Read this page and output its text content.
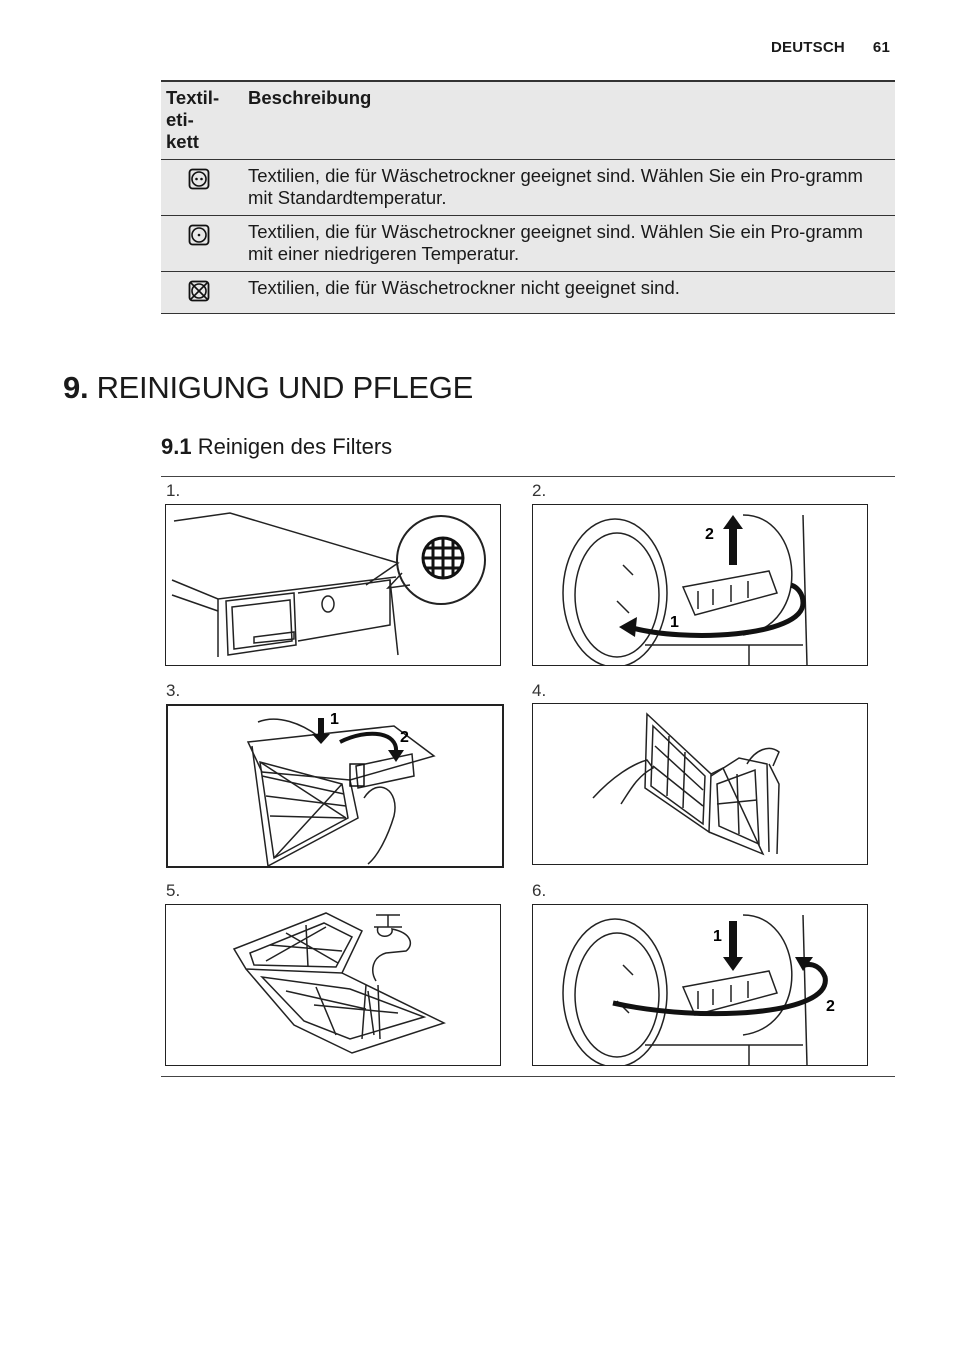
DEUTSCH 61
Textil-
eti-
kett	Beschreibung
	Textilien, die für Wäschetrockner geeignet sind. Wählen Sie ein Pro-gramm mit Standardtemperatur.
	Textilien, die für Wäschetrockner geeignet sind. Wählen Sie ein Pro-gramm mit einer niedrigeren Temperatur.
	Textilien, die für Wäschetrockner nicht geeignet sind.
9. REINIGUNG UND PFLEGE
9.1 Reinigen des Filters
1.	2.
2
1
3.
1
2
4.
5.	6.
1
2
